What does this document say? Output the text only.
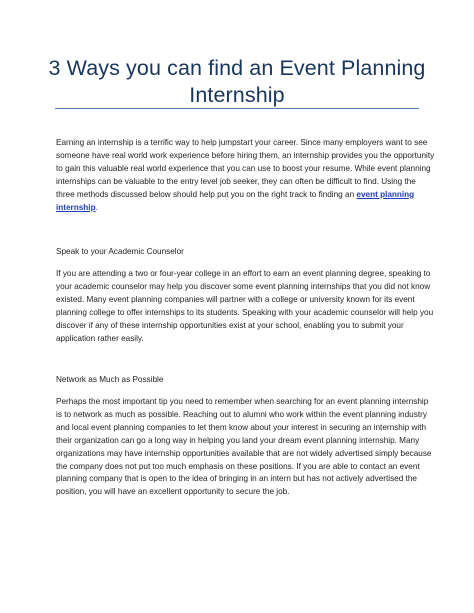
3 Ways you can find an Event Planning
Internship

Earning an internship is a terrific way to help jumpstart your career. Since many employers want to see someone have real world work experience before hiring them, an internship provides you the opportunity to gain this valuable real world experience that you can use to boost your resume. While event planning internships can be valuable to the entry level job seeker, they can often be difficult to find. Using the three methods discussed below should help put you on the right track to finding an event planning internship.

Speak to your Academic Counselor

If you are attending a two or four-year college in an effort to earn an event planning degree, speaking to your academic counselor may help you discover some event planning internships that you did not know existed. Many event planning companies will partner with a college or university known for its event planning college to offer internships to its students. Speaking with your academic counselor will help you discover if any of these internship opportunities exist at your school, enabling you to submit your application rather easily.

Network as Much as Possible

Perhaps the most important tip you need to remember when searching for an event planning internship is to network as much as possible. Reaching out to alumni who work within the event planning industry and local event planning companies to let them know about your interest in securing an internship with their organization can go a long way in helping you land your dream event planning internship. Many organizations may have internship opportunities available that are not widely advertised simply because the company does not put too much emphasis on these positions. If you are able to contact an event planning company that is open to the idea of bringing in an intern but has not actively advertised the position, you will have an excellent opportunity to secure the job.
